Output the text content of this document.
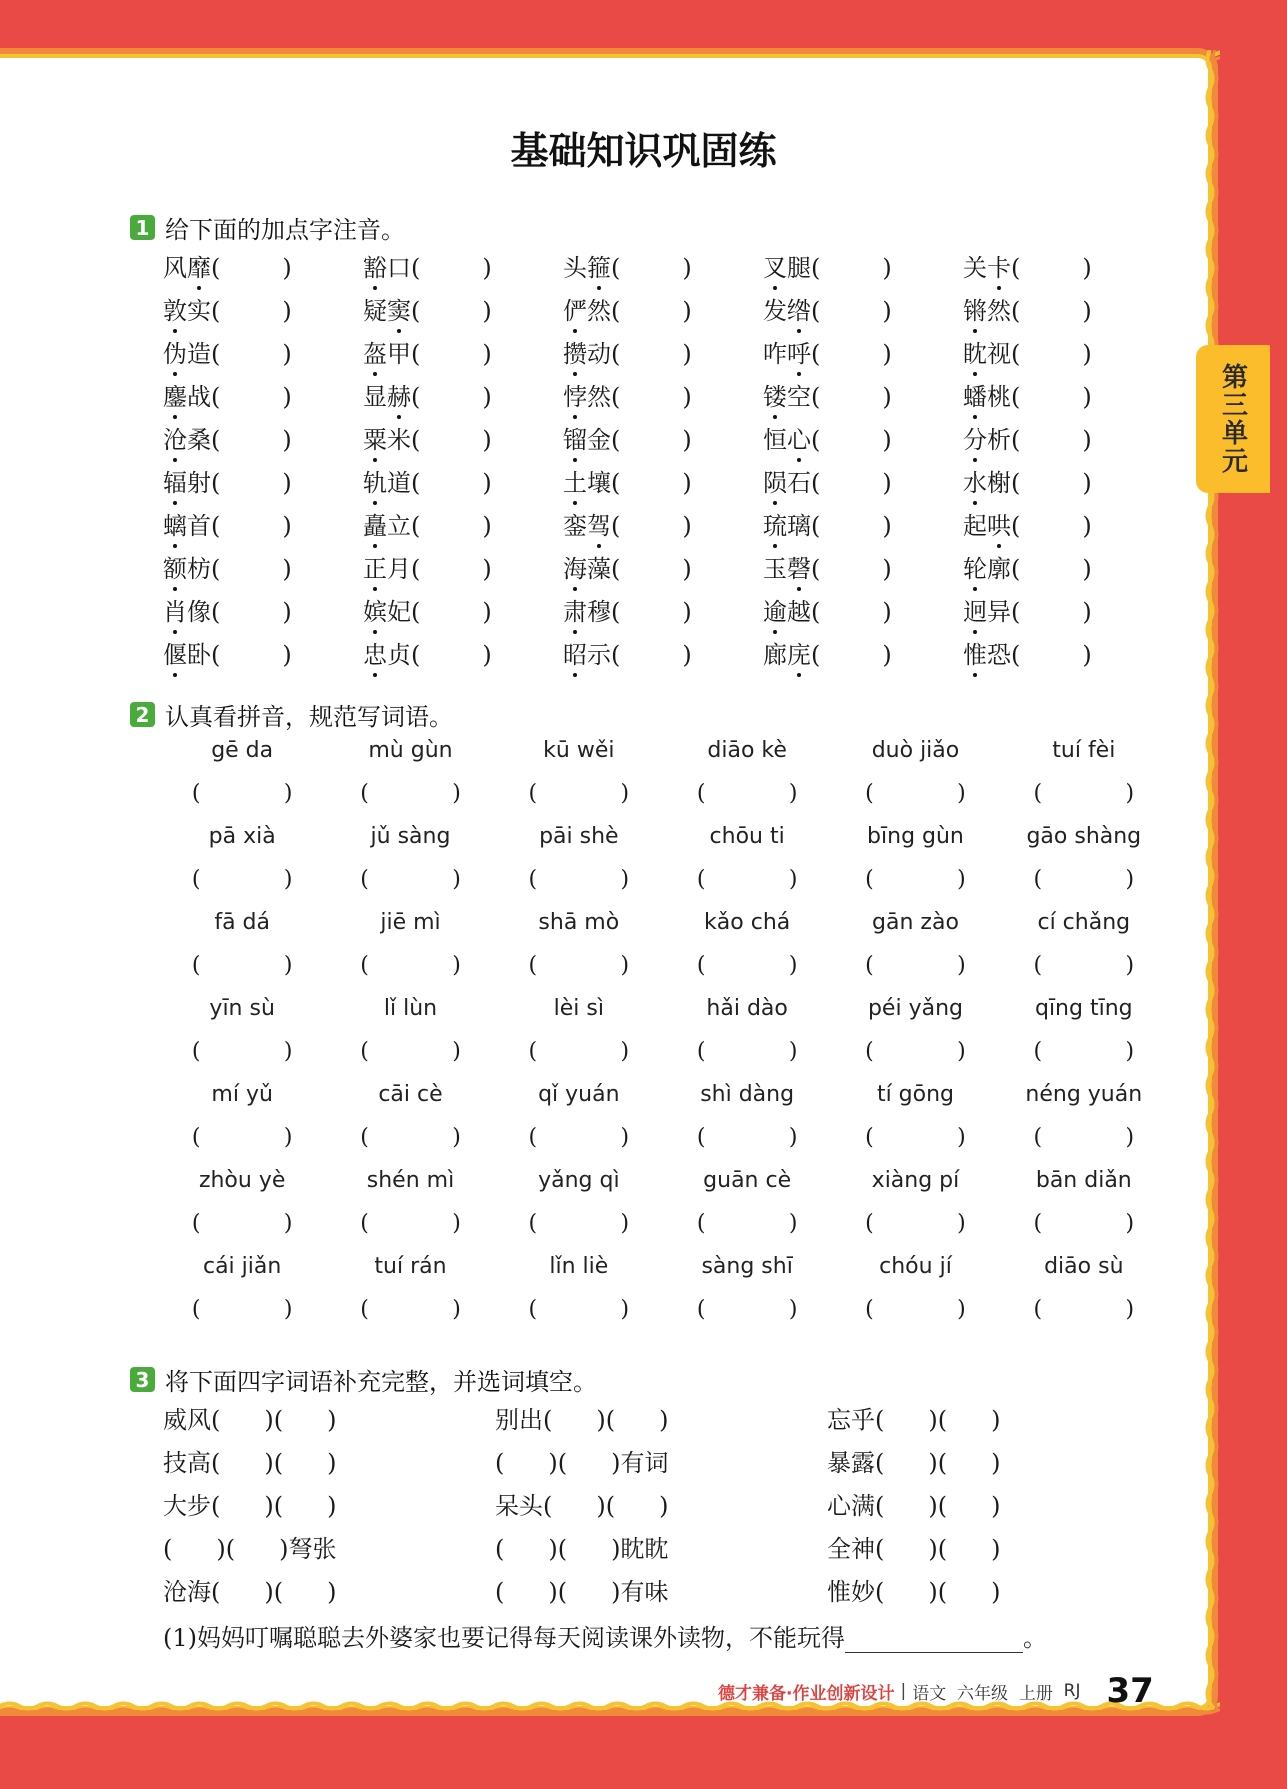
第三单元
基础知识巩固练
1 给下面的加点字注音。
风靡(	)	豁口(	)	头箍(	)	叉腿(	)	关卡(	)
敦实(	)	疑窦(	)	俨然(	)	发绺(	)	锵然(	)
伪造(	)	盔甲(	)	攒动(	)	咋呼(	)	眈视(	)
鏖战(	)	显赫(	)	悖然(	)	镂空(	)	蟠桃(	)
沧桑(	)	粟米(	)	镏金(	)	恒心(	)	分析(	)
辐射(	)	轨道(	)	土壤(	)	陨石(	)	水榭(	)
螭首(	)	矗立(	)	銮驾(	)	琉璃(	)	起哄(	)
额枋(	)	正月(	)	海藻(	)	玉磬(	)	轮廓(	)
肖像(	)	嫔妃(	)	肃穆(	)	逾越(	)	迥异(	)
偃卧(	)	忠贞(	)	昭示(	)	廊庑(	)	惟恐(	)
2 认真看拼音，规范写词语。
gē da	mù gùn	kū wěi	diāo kè	duò jiǎo	tuí fèi
(	)	(	)	(	)	(	)	(	)	(	)
pā xià	jǔ sàng	pāi shè	chōu ti	bīng gùn	gāo shàng
(	)	(	)	(	)	(	)	(	)	(	)
fā dá	jiē mì	shā mò	kǎo chá	gān zào	cí chǎng
(	)	(	)	(	)	(	)	(	)	(	)
yīn sù	lǐ lùn	lèi sì	hǎi dào	péi yǎng	qīng tīng
(	)	(	)	(	)	(	)	(	)	(	)
mí yǔ	cāi cè	qǐ yuán	shì dàng	tí gōng	néng yuán
(	)	(	)	(	)	(	)	(	)	(	)
zhòu yè	shén mì	yǎng qì	guān cè	xiàng pí	bān diǎn
(	)	(	)	(	)	(	)	(	)	(	)
cái jiǎn	tuí rán	lǐn liè	sàng shī	chóu jí	diāo sù
(	)	(	)	(	)	(	)	(	)	(	)
3 将下面四字词语补充完整，并选词填空。
威风( )( )	别出( )( )	忘乎( )( )
技高( )( )	( )( )有词	暴露( )( )
大步( )( )	呆头( )( )	心满( )( )
( )( )弩张	( )( )眈眈	全神( )( )
沧海( )( )	( )( )有味	惟妙( )( )
(1)妈妈叮嘱聪聪去外婆家也要记得每天阅读课外读物，不能玩得	。
德才兼备·作业创新设计 | 语文
六年级
上册
RJ 37
